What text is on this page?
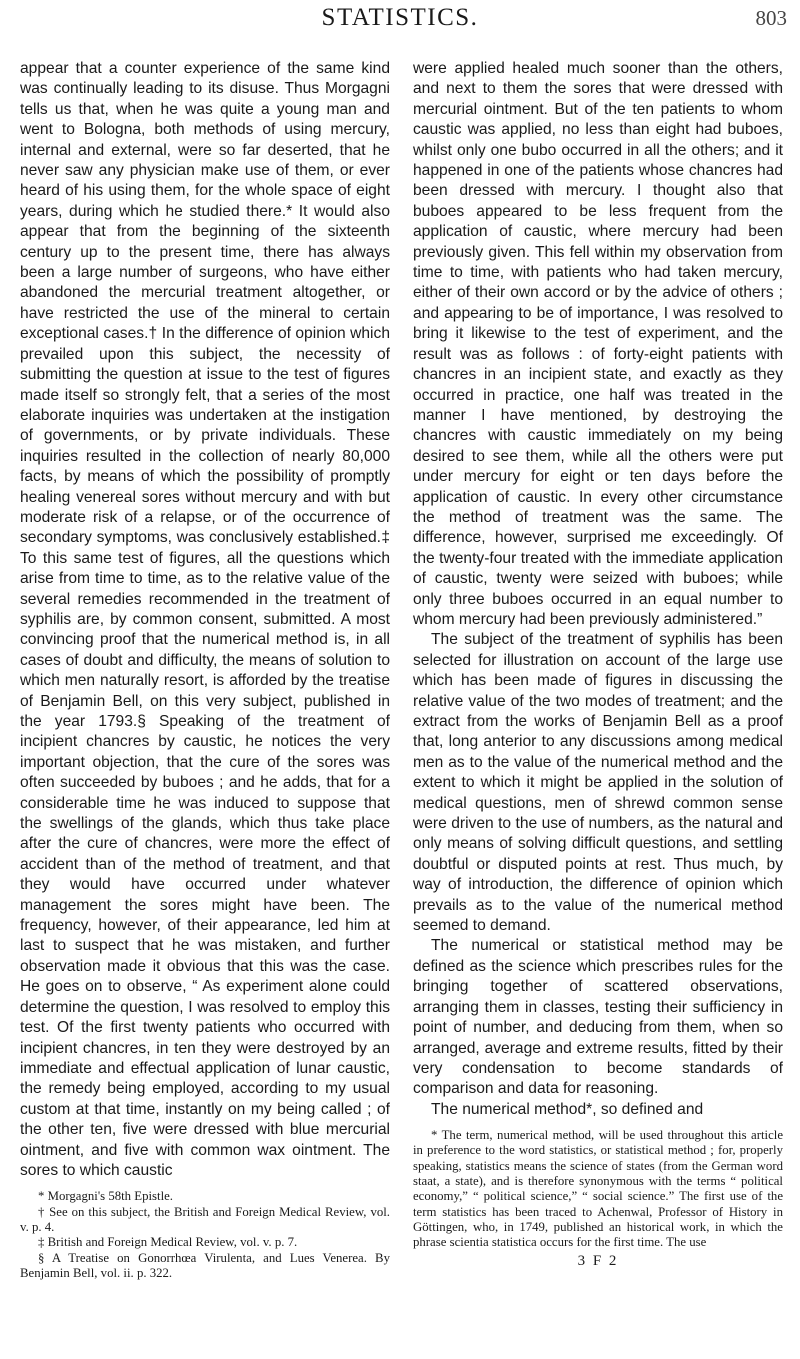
STATISTICS.	803

appear that a counter experience of the same kind was continually leading to its disuse. Thus Morgagni tells us that, when he was quite a young man and went to Bologna, both methods of using mercury, internal and external, were so far deserted, that he never saw any physician make use of them, or ever heard of his using them, for the whole space of eight years, during which he studied there.* It would also appear that from the beginning of the sixteenth century up to the present time, there has always been a large number of surgeons, who have either abandoned the mercurial treatment altogether, or have restricted the use of the mineral to certain exceptional cases.† In the difference of opinion which prevailed upon this subject, the necessity of submitting the question at issue to the test of figures made itself so strongly felt, that a series of the most elaborate inquiries was undertaken at the instigation of governments, or by private individuals. These inquiries resulted in the collection of nearly 80,000 facts, by means of which the possibility of promptly healing venereal sores without mercury and with but moderate risk of a relapse, or of the occurrence of secondary symptoms, was conclusively established.‡ To this same test of figures, all the questions which arise from time to time, as to the relative value of the several remedies recommended in the treatment of syphilis are, by common consent, submitted. A most convincing proof that the numerical method is, in all cases of doubt and difficulty, the means of solution to which men naturally resort, is afforded by the treatise of Benjamin Bell, on this very subject, published in the year 1793.§ Speaking of the treatment of incipient chancres by caustic, he notices the very important objection, that the cure of the sores was often succeeded by buboes ; and he adds, that for a considerable time he was induced to suppose that the swellings of the glands, which thus take place after the cure of chancres, were more the effect of accident than of the method of treatment, and that they would have occurred under whatever management the sores might have been. The frequency, however, of their appearance, led him at last to suspect that he was mistaken, and further observation made it obvious that this was the case. He goes on to observe, “ As experiment alone could determine the question, I was resolved to employ this test. Of the first twenty patients who occurred with incipient chancres, in ten they were destroyed by an immediate and effectual application of lunar caustic, the remedy being employed, according to my usual custom at that time, instantly on my being called ; of the other ten, five were dressed with blue mercurial ointment, and five with common wax ointment. The sores to which caustic

* Morgagni's 58th Epistle.

† See on this subject, the British and Foreign Medical Review, vol. v. p. 4.

‡ British and Foreign Medical Review, vol. v. p. 7.

§ A Treatise on Gonorrhœa Virulenta, and Lues Venerea. By Benjamin Bell, vol. ii. p. 322.

were applied healed much sooner than the others, and next to them the sores that were dressed with mercurial ointment. But of the ten patients to whom caustic was applied, no less than eight had buboes, whilst only one bubo occurred in all the others; and it happened in one of the patients whose chancres had been dressed with mercury. I thought also that buboes appeared to be less frequent from the application of caustic, where mercury had been previously given. This fell within my observation from time to time, with patients who had taken mercury, either of their own accord or by the advice of others ; and appearing to be of importance, I was resolved to bring it likewise to the test of experiment, and the result was as follows : of forty-eight patients with chancres in an incipient state, and exactly as they occurred in practice, one half was treated in the manner I have mentioned, by destroying the chancres with caustic immediately on my being desired to see them, while all the others were put under mercury for eight or ten days before the application of caustic. In every other circumstance the method of treatment was the same. The difference, however, surprised me exceedingly. Of the twenty-four treated with the immediate application of caustic, twenty were seized with buboes; while only three buboes occurred in an equal number to whom mercury had been previously administered.”

The subject of the treatment of syphilis has been selected for illustration on account of the large use which has been made of figures in discussing the relative value of the two modes of treatment; and the extract from the works of Benjamin Bell as a proof that, long anterior to any discussions among medical men as to the value of the numerical method and the extent to which it might be applied in the solution of medical questions, men of shrewd common sense were driven to the use of numbers, as the natural and only means of solving difficult questions, and settling doubtful or disputed points at rest. Thus much, by way of introduction, the difference of opinion which prevails as to the value of the numerical method seemed to demand.

The numerical or statistical method may be defined as the science which prescribes rules for the bringing together of scattered observations, arranging them in classes, testing their sufficiency in point of number, and deducing from them, when so arranged, average and extreme results, fitted by their very condensation to become standards of comparison and data for reasoning.

The numerical method*, so defined and

* The term, numerical method, will be used throughout this article in preference to the word statistics, or statistical method ; for, properly speaking, statistics means the science of states (from the German word staat, a state), and is therefore synonymous with the terms “ political economy,” “ political science,” “ social science.” The first use of the term statistics has been traced to Achenwal, Professor of History in Göttingen, who, in 1749, published an historical work, in which the phrase scientia statistica occurs for the first time. The use

3 F 2
